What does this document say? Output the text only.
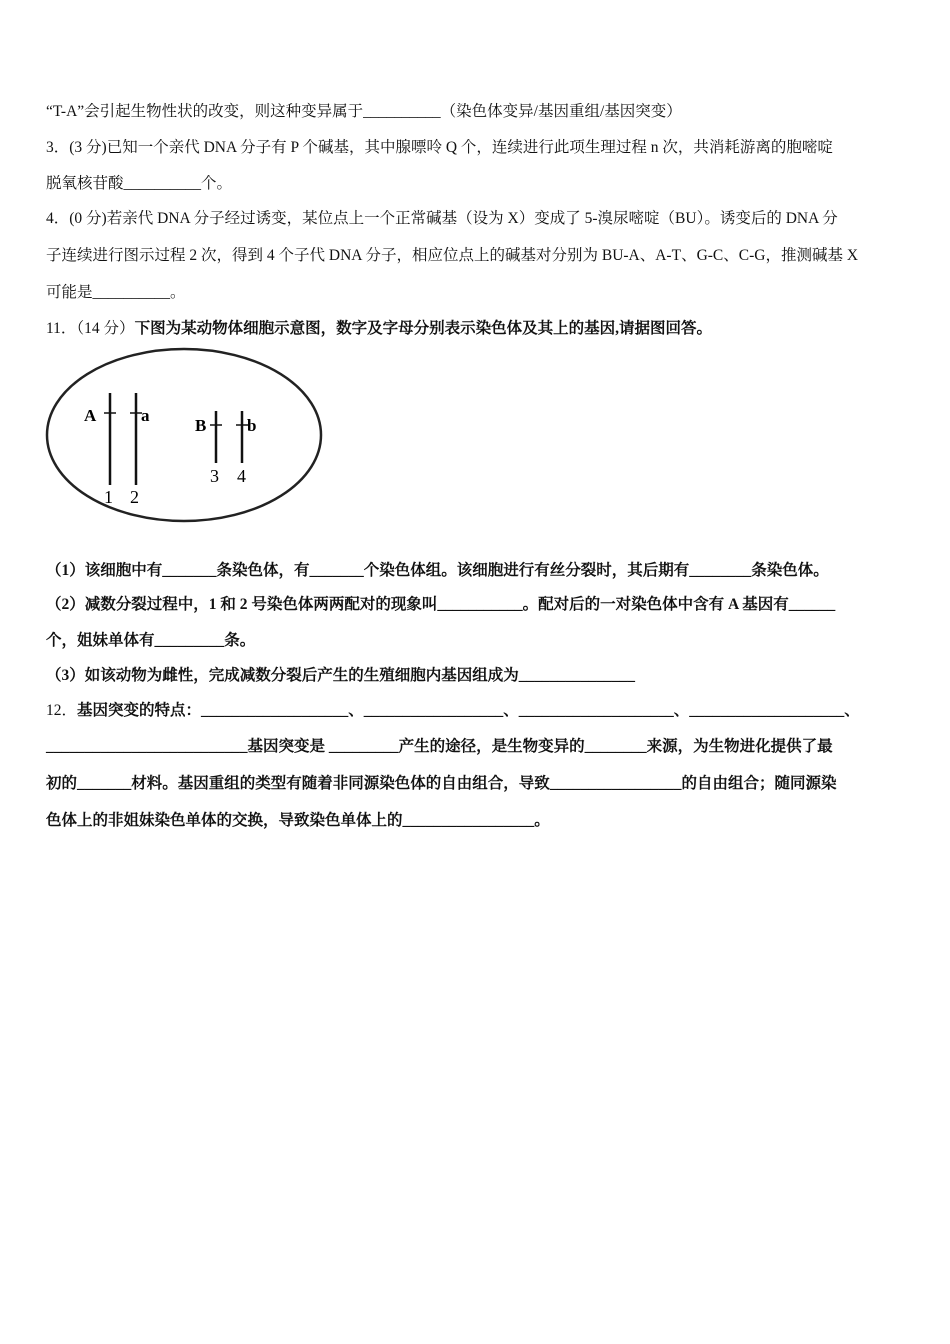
“T-A”会引起生物性状的改变，则这种变异属于__________（染色体变异/基因重组/基因突变）
3．(3 分)已知一个亲代 DNA 分子有 P 个碱基，其中腺嘌呤 Q 个，连续进行此项生理过程 n 次，共消耗游离的胞嘧啶
脱氧核苷酸__________个。
4．(0 分)若亲代 DNA 分子经过诱变，某位点上一个正常碱基（设为 X）变成了 5-溴尿嘧啶（BU）。诱变后的 DNA 分
子连续进行图示过程 2 次，得到 4 个子代 DNA 分子，相应位点上的碱基对分别为 BU-A、A-T、G-C、C-G，推测碱基 X
可能是__________。
11．（14 分）下图为某动物体细胞示意图，数字及字母分别表示染色体及其上的基因,请据图回答。
A	a
B b
1 2
3 4
（1）该细胞中有_______条染色体，有_______个染色体组。该细胞进行有丝分裂时，其后期有________条染色体。
（2）减数分裂过程中，1 和 2 号染色体两两配对的现象叫___________。配对后的一对染色体中含有 A 基因有______
个，姐妹单体有_________条。
（3）如该动物为雌性，完成减数分裂后产生的生殖细胞内基因组成为_______________
12．基因突变的特点：___________________、__________________、____________________、____________________、
__________________________基因突变是 _________产生的途径，是生物变异的________来源，为生物进化提供了最
初的_______材料。基因重组的类型有随着非同源染色体的自由组合，导致_________________的自由组合；随同源染
色体上的非姐妹染色单体的交换，导致染色单体上的_________________。
